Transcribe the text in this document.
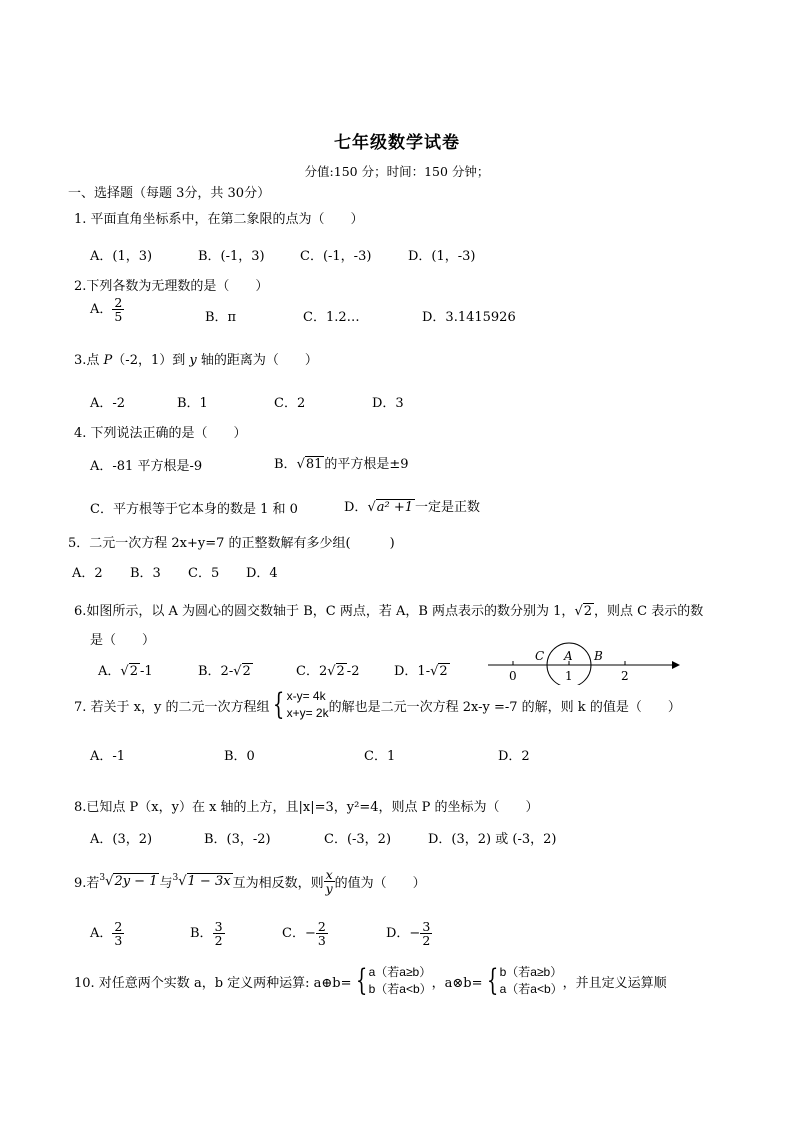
七年级数学试卷
分值:150 分；时间：150 分钟；
一、选择题（每题 3分，共 30分）
1. 平面直角坐标系中，在第二象限的点为（　　）
A．(1，3)	B．(-1，3)	C．(-1，-3)	D．(1，-3)
2.下列各数为无理数的是（　　）
A． $\frac{2}{5}$	B．π	C．1.2…	D．3.1415926
3.点 P（-2，1）到 y 轴的距离为（　　）
A．-2	B．1	C．2	D．3
4. 下列说法正确的是（　　）
A．-81 平方根是-9	B．√81 的平方根是±9
C．平方根等于它本身的数是 1 和 0	D．√a² +1 一定是正数
5．二元一次方程 2x+y=7 的正整数解有多少组(　　　)
A．2 B．3 C．5 D．4
6.如图所示，以 A 为圆心的圆交数轴于 B，C 两点，若 A，B 两点表示的数分别为 1，√2 ，则点 C 表示的数
是（　　）
A．√2 -1	B．2-√2	C．2√2 -2	D．1-√2	0	1	2
C A B
7. 若关于 x，y 的二元一次方程组 { x-y= 4k
x+y= 2k的解也是二元一次方程 2x-y =-7 的解，则 k 的值是（　　）
A．-1	B．0	C．1	D．2
8.已知点 P（x，y）在 x 轴的上方，且|x|=3，y²=4，则点 P 的坐标为（　　）
A．(3，2)	B．(3，-2)	C．(-3，2)	D．(3，2) 或 (-3，2)
9.若$^3$√2y − 1 与$^3$√1 − 3x 互为相反数，则 $\frac{x}{y}$ 的值为（　　）
A． $\frac{2}{3}$	B． $\frac{3}{2}$	C．− $\frac{2}{3}$	D．− $\frac{3}{2}$
10. 对任意两个实数 a，b 定义两种运算: a⊕b= { a（若a≥b）
b（若a<b），a⊗b= { b（若a≥b）
a（若a<b），并且定义运算顺
